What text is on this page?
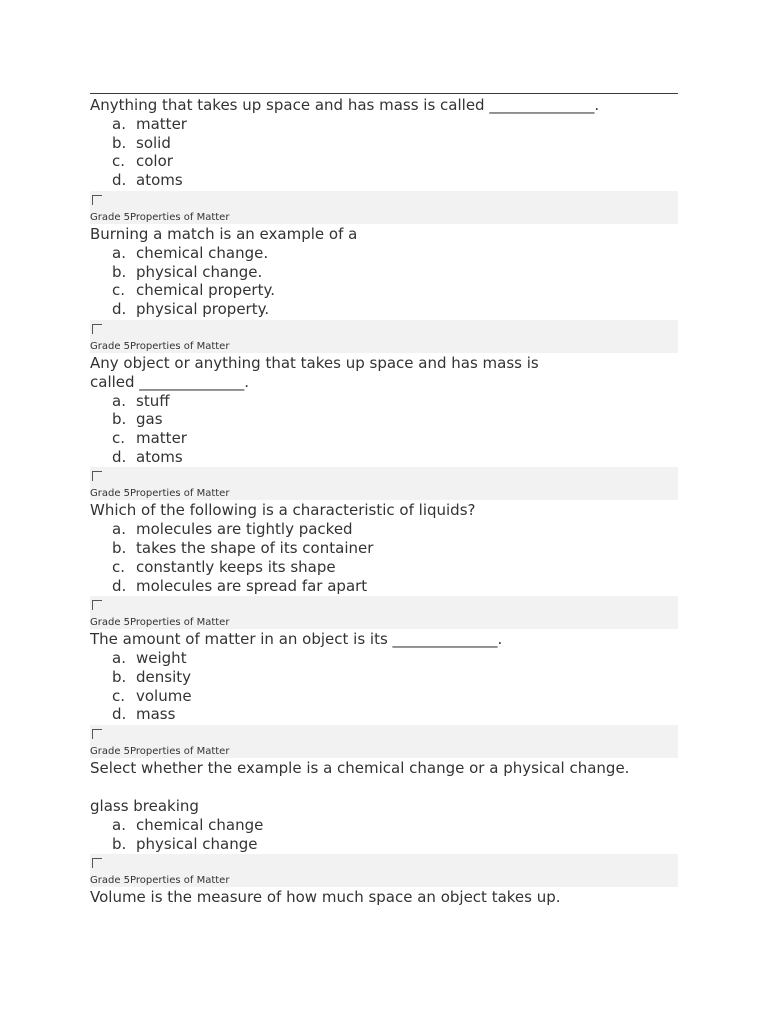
Anything that takes up space and has mass is called ______________.
a. matter
b. solid
c. color
d. atoms
Grade 5Properties of Matter
Burning a match is an example of a
a. chemical change.
b. physical change.
c. chemical property.
d. physical property.
Grade 5Properties of Matter
Any object or anything that takes up space and has mass is called ______________.
a. stuff
b. gas
c. matter
d. atoms
Grade 5Properties of Matter
Which of the following is a characteristic of liquids?
a. molecules are tightly packed
b. takes the shape of its container
c. constantly keeps its shape
d. molecules are spread far apart
Grade 5Properties of Matter
The amount of matter in an object is its ______________.
a. weight
b. density
c. volume
d. mass
Grade 5Properties of Matter
Select whether the example is a chemical change or a physical change.
glass breaking
a. chemical change
b. physical change
Grade 5Properties of Matter
Volume is the measure of how much space an object takes up.
